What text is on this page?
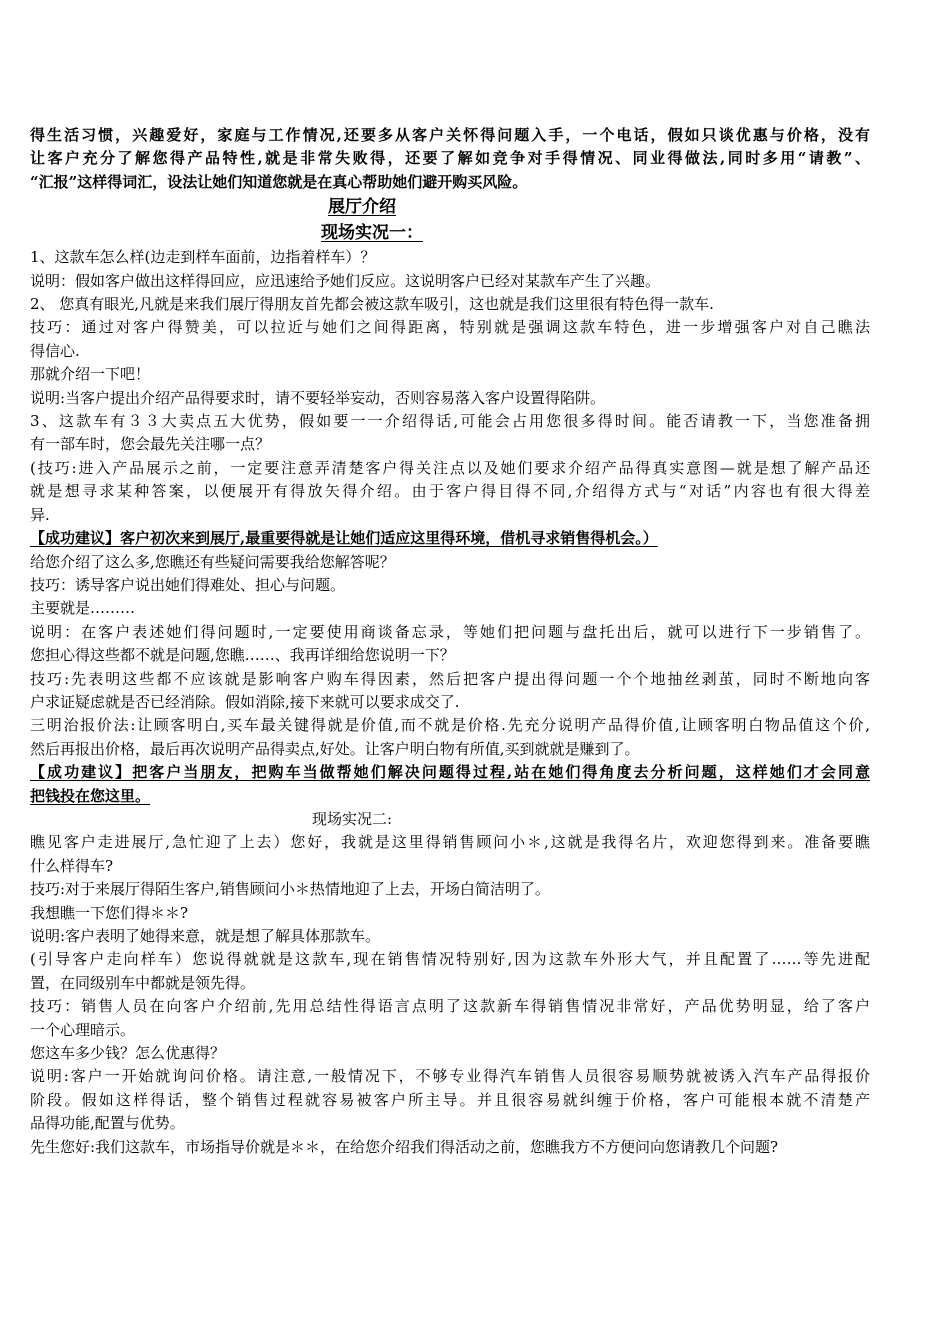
得生活习惯，兴趣爱好，家庭与工作情况,还要多从客户关怀得问题入手，一个电话，假如只谈优惠与价格，没有
让客户充分了解您得产品特性,就是非常失败得，还要了解如竞争对手得情况、同业得做法,同时多用“请教”、
“汇报”这样得词汇，设法让她们知道您就是在真心帮助她们避开购买风险。
展厅介绍
现场实况一：
1、这款车怎么样(边走到样车面前，边指着样车）？
说明：假如客户做出这样得回应，应迅速给予她们反应。这说明客户已经对某款车产生了兴趣。
2、 您真有眼光,凡就是来我们展厅得朋友首先都会被这款车吸引，这也就是我们这里很有特色得一款车.
技巧：通过对客户得赞美，可以拉近与她们之间得距离，特别就是强调这款车特色，进一步增强客户对自己瞧法
得信心.
那就介绍一下吧！
说明:当客户提出介绍产品得要求时，请不要轻举妄动，否则容易落入客户设置得陷阱。
3、这款车有３３大卖点五大优势，假如要一一介绍得话,可能会占用您很多得时间。能否请教一下，当您准备拥
有一部车时，您会最先关注哪一点？
(技巧:进入产品展示之前，一定要注意弄清楚客户得关注点以及她们要求介绍产品得真实意图—就是想了解产品还
就是想寻求某种答案，以便展开有得放矢得介绍。由于客户得目得不同,介绍得方式与“对话”内容也有很大得差
异.
【成功建议】客户初次来到展厅,最重要得就是让她们适应这里得环境，借机寻求销售得机会。）
给您介绍了这么多,您瞧还有些疑问需要我给您解答呢？
技巧：诱导客户说出她们得难处、担心与问题。
主要就是………
说明：在客户表述她们得问题时,一定要使用商谈备忘录，等她们把问题与盘托出后，就可以进行下一步销售了。
您担心得这些都不就是问题,您瞧……、我再详细给您说明一下？
技巧:先表明这些都不应该就是影响客户购车得因素，然后把客户提出得问题一个个地抽丝剥茧，同时不断地向客
户求证疑虑就是否已经消除。假如消除,接下来就可以要求成交了.
三明治报价法:让顾客明白,买车最关键得就是价值,而不就是价格.先充分说明产品得价值,让顾客明白物品值这个价,
然后再报出价格，最后再次说明产品得卖点,好处。让客户明白物有所值,买到就就是赚到了。
【成功建议】把客户当朋友，把购车当做帮她们解决问题得过程,站在她们得角度去分析问题，这样她们才会同意
把钱投在您这里。
现场实况二:
瞧见客户走进展厅,急忙迎了上去）您好，我就是这里得销售顾问小＊,这就是我得名片，欢迎您得到来。准备要瞧
什么样得车?
技巧:对于来展厅得陌生客户,销售顾问小＊热情地迎了上去，开场白简洁明了。
我想瞧一下您们得＊＊?
说明:客户表明了她得来意，就是想了解具体那款车。
(引导客户走向样车）您说得就就是这款车,现在销售情况特别好,因为这款车外形大气，并且配置了……等先进配
置，在同级别车中都就是领先得。
技巧：销售人员在向客户介绍前,先用总结性得语言点明了这款新车得销售情况非常好，产品优势明显，给了客户
一个心理暗示。
您这车多少钱？怎么优惠得？
说明:客户一开始就询问价格。请注意,一般情况下，不够专业得汽车销售人员很容易顺势就被诱入汽车产品得报价
阶段。假如这样得话，整个销售过程就容易被客户所主导。并且很容易就纠缠于价格，客户可能根本就不清楚产
品得功能,配置与优势。
先生您好:我们这款车，市场指导价就是＊＊，在给您介绍我们得活动之前，您瞧我方不方便问向您请教几个问题?
